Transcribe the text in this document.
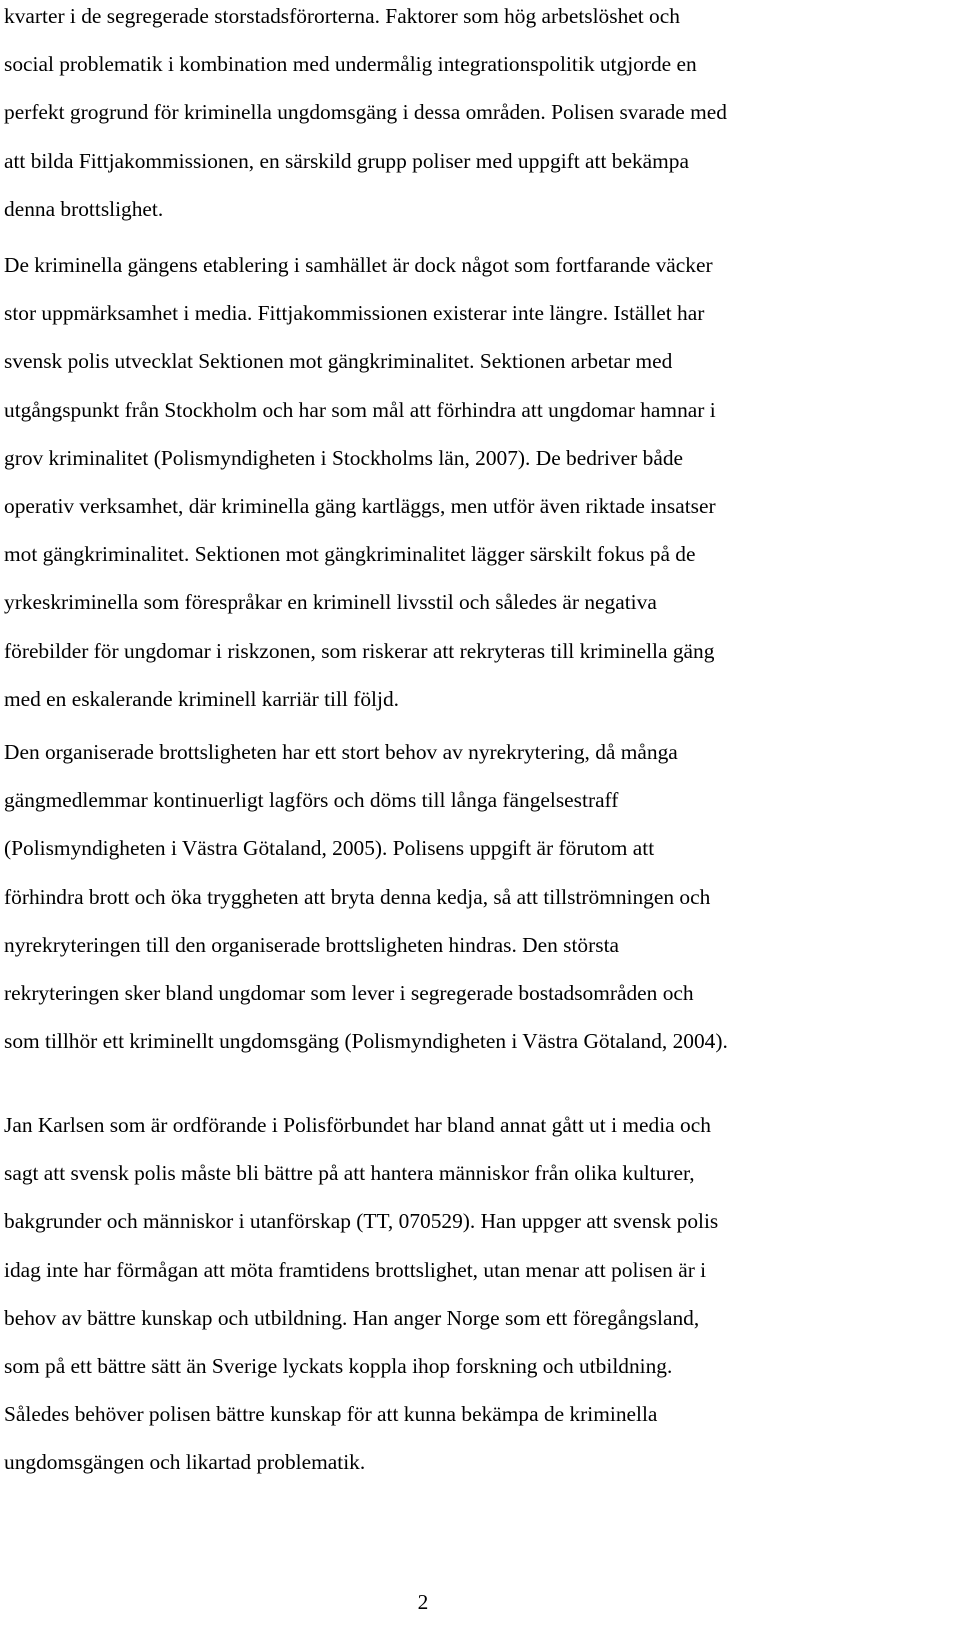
kvarter i de segregerade storstadsförorterna. Faktorer som hög arbetslöshet och
social problematik i kombination med undermålig integrationspolitik utgjorde en
perfekt grogrund för kriminella ungdomsgäng i dessa områden. Polisen svarade med
att bilda Fittjakommissionen, en särskild grupp poliser med uppgift att bekämpa
denna brottslighet.

De kriminella gängens etablering i samhället är dock något som fortfarande väcker
stor uppmärksamhet i media. Fittjakommissionen existerar inte längre. Istället har
svensk polis utvecklat Sektionen mot gängkriminalitet. Sektionen arbetar med
utgångspunkt från Stockholm och har som mål att förhindra att ungdomar hamnar i
grov kriminalitet (Polismyndigheten i Stockholms län, 2007). De bedriver både
operativ verksamhet, där kriminella gäng kartläggs, men utför även riktade insatser
mot gängkriminalitet. Sektionen mot gängkriminalitet lägger särskilt fokus på de
yrkeskriminella som förespråkar en kriminell livsstil och således är negativa
förebilder för ungdomar i riskzonen, som riskerar att rekryteras till kriminella gäng
med en eskalerande kriminell karriär till följd.

Den organiserade brottsligheten har ett stort behov av nyrekrytering, då många
gängmedlemmar kontinuerligt lagförs och döms till långa fängelsestraff
(Polismyndigheten i Västra Götaland, 2005). Polisens uppgift är förutom att
förhindra brott och öka tryggheten att bryta denna kedja, så att tillströmningen och
nyrekryteringen till den organiserade brottsligheten hindras. Den största
rekryteringen sker bland ungdomar som lever i segregerade bostadsområden och
som tillhör ett kriminellt ungdomsgäng (Polismyndigheten i Västra Götaland, 2004).

Jan Karlsen som är ordförande i Polisförbundet har bland annat gått ut i media och
sagt att svensk polis måste bli bättre på att hantera människor från olika kulturer,
bakgrunder och människor i utanförskap (TT, 070529). Han uppger att svensk polis
idag inte har förmågan att möta framtidens brottslighet, utan menar att polisen är i
behov av bättre kunskap och utbildning. Han anger Norge som ett föregångsland,
som på ett bättre sätt än Sverige lyckats koppla ihop forskning och utbildning.
Således behöver polisen bättre kunskap för att kunna bekämpa de kriminella
ungdomsgängen och likartad problematik.

2
